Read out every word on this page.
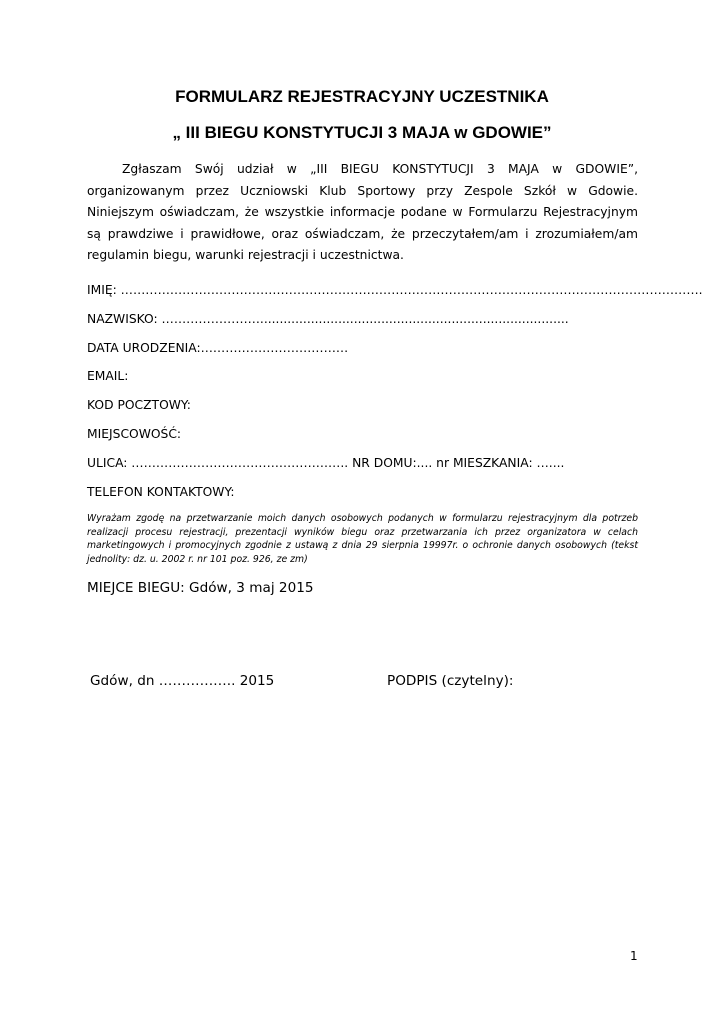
FORMULARZ REJESTRACYJNY UCZESTNIKA
„ III BIEGU KONSTYTUCJI 3 MAJA w GDOWIE”

Zgłaszam Swój udział w „III BIEGU KONSTYTUCJI 3 MAJA w GDOWIE”, organizowanym przez Uczniowski Klub Sportowy przy Zespole Szkół w Gdowie. Niniejszym oświadczam, że wszystkie informacje podane w Formularzu Rejestracyjnym są prawdziwe i prawidłowe, oraz oświadczam, że przeczytałem/am i zrozumiałem/am regulamin biegu, warunki rejestracji i uczestnictwa.

IMIĘ: …………………………………………………………………………………………………………………………….
NAZWISKO: ……………………...............................................................................
DATA URODZENIA:………………………………
EMAIL:
KOD POCZTOWY:
MIEJSCOWOŚĆ:
ULICA: …………………………………………….. NR DOMU:.... nr MIESZKANIA: …....
TELEFON KONTAKTOWY:
Wyrażam zgodę na przetwarzanie moich danych osobowych podanych w formularzu rejestracyjnym dla potrzeb realizacji procesu rejestracji, prezentacji wyników biegu oraz przetwarzania ich przez organizatora w celach marketingowych i promocyjnych zgodnie z ustawą z dnia 29 sierpnia 19997r. o ochronie danych osobowych (tekst jednolity: dz. u. 2002 r. nr 101 poz. 926, ze zm)
MIEJCE BIEGU: Gdów, 3 maj 2015
Gdów, dn …………….. 2015	PODPIS (czytelny):
1
